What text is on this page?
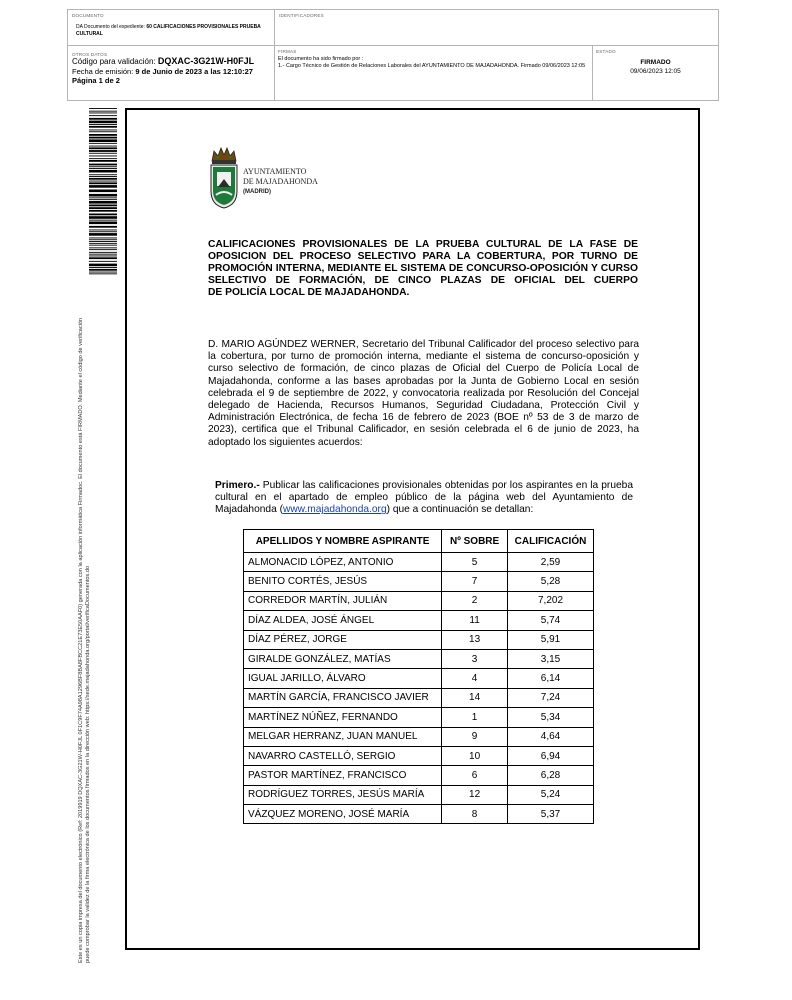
DOCUMENTO
DA Documento del expediente: 60 CALIFICACIONES PROVISIONALES PRUEBA CULTURAL
IDENTIFICADORES
OTROS DATOS
Código para validación: DQXAC-3G21W-H0FJL
Fecha de emisión: 9 de Junio de 2023 a las 12:10:27
Página 1 de 2
FIRMAS
El documento ha sido firmado por :
1.- Cargo Técnico de Gestión de Relaciones Laborales del AYUNTAMIENTO DE MAJADAHONDA. Firmado 09/06/2023 12:05
ESTADO
FIRMADO
09/06/2023 12:05
Este es un copia impresa del documento electrónico (Ref: 2019919 DQXAC-3G21W-H0FJL 0F1C9F74A98A1296BF8BA8FBCC21E73E50AAF0) generada con la aplicación informática Firmadoc. El documento está FIRMADO. Mediante el código de verificación puede comprobar la validez de la firma electrónica de los documentos firmados en la dirección web: https://sede.majadahonda.org/portal/verificaDocumentos.do
AYUNTAMIENTO
DE MAJADAHONDA
(MADRID)
CALIFICACIONES PROVISIONALES DE LA PRUEBA CULTURAL DE LA FASE DE OPOSICION DEL PROCESO SELECTIVO PARA LA COBERTURA, POR TURNO DE PROMOCIÓN INTERNA, MEDIANTE EL SISTEMA DE CONCURSO-OPOSICIÓN Y CURSO SELECTIVO DE FORMACIÓN, DE CINCO PLAZAS DE OFICIAL DEL CUERPO
DE POLICÍA LOCAL DE MAJADAHONDA.
D. MARIO AGÚNDEZ WERNER, Secretario del Tribunal Calificador del proceso selectivo para la cobertura, por turno de promoción interna, mediante el sistema de concurso-oposición y curso selectivo de formación, de cinco plazas de Oficial del Cuerpo de Policía Local de Majadahonda, conforme a las bases aprobadas por la Junta de Gobierno Local en sesión celebrada el 9 de septiembre de 2022, y convocatoria realizada por Resolución del Concejal delegado de Hacienda, Recursos Humanos, Seguridad Ciudadana, Protección Civil y Administración Electrónica, de fecha 16 de febrero de 2023 (BOE nº 53 de 3 de marzo de 2023), certifica que el Tribunal Calificador, en sesión celebrada el 6 de junio de 2023, ha adoptado los siguientes acuerdos:
Primero.- Publicar las calificaciones provisionales obtenidas por los aspirantes en la prueba cultural en el apartado de empleo público de la página web del Ayuntamiento de Majadahonda (www.majadahonda.org) que a continuación se detallan:
APELLIDOS Y NOMBRE ASPIRANTE	Nº SOBRE	CALIFICACIÓN
ALMONACID LÓPEZ, ANTONIO	5	2,59
BENITO CORTÉS, JESÚS	7	5,28
CORREDOR MARTÍN, JULIÁN	2	7,202
DÍAZ ALDEA, JOSÉ ÁNGEL	11	5,74
DÍAZ PÉREZ, JORGE	13	5,91
GIRALDE GONZÁLEZ, MATÍAS	3	3,15
IGUAL JARILLO, ÁLVARO	4	6,14
MARTÍN GARCÍA, FRANCISCO JAVIER	14	7,24
MARTÍNEZ NÚÑEZ, FERNANDO	1	5,34
MELGAR HERRANZ, JUAN MANUEL	9	4,64
NAVARRO CASTELLÓ, SERGIO	10	6,94
PASTOR MARTÍNEZ, FRANCISCO	6	6,28
RODRÍGUEZ TORRES, JESÚS MARÍA	12	5,24
VÁZQUEZ MORENO, JOSÉ MARÍA	8	5,37
